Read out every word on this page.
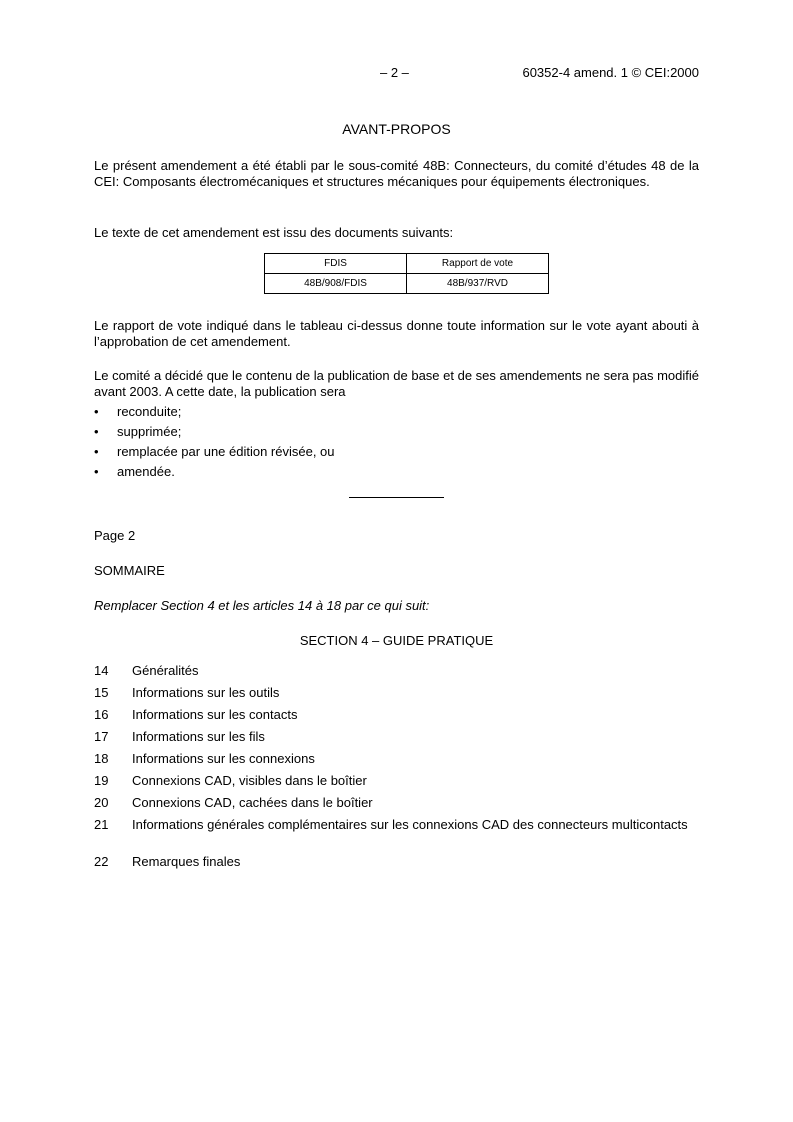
– 2 –	60352-4 amend. 1 © CEI:2000
AVANT-PROPOS

Le présent amendement a été établi par le sous-comité 48B: Connecteurs, du comité d’études 48 de la CEI: Composants électromécaniques et structures mécaniques pour équipements électroniques.

Le texte de cet amendement est issu des documents suivants:

FDIS	Rapport de vote
48B/908/FDIS	48B/937/RVD

Le rapport de vote indiqué dans le tableau ci-dessus donne toute information sur le vote ayant abouti à l’approbation de cet amendement.

Le comité a décidé que le contenu de la publication de base et de ses amendements ne sera pas modifié avant 2003. A cette date, la publication sera

• reconduite;
• supprimée;
• remplacée par une édition révisée, ou
• amendée.
Page 2
SOMMAIRE
Remplacer Section 4 et les articles 14 à 18 par ce qui suit:
SECTION 4 – GUIDE PRATIQUE
14 Généralités
15 Informations sur les outils
16 Informations sur les contacts
17 Informations sur les fils
18 Informations sur les connexions
19 Connexions CAD, visibles dans le boîtier
20 Connexions CAD, cachées dans le boîtier
21 Informations générales complémentaires sur les connexions CAD des connecteurs multicontacts
22 Remarques finales
